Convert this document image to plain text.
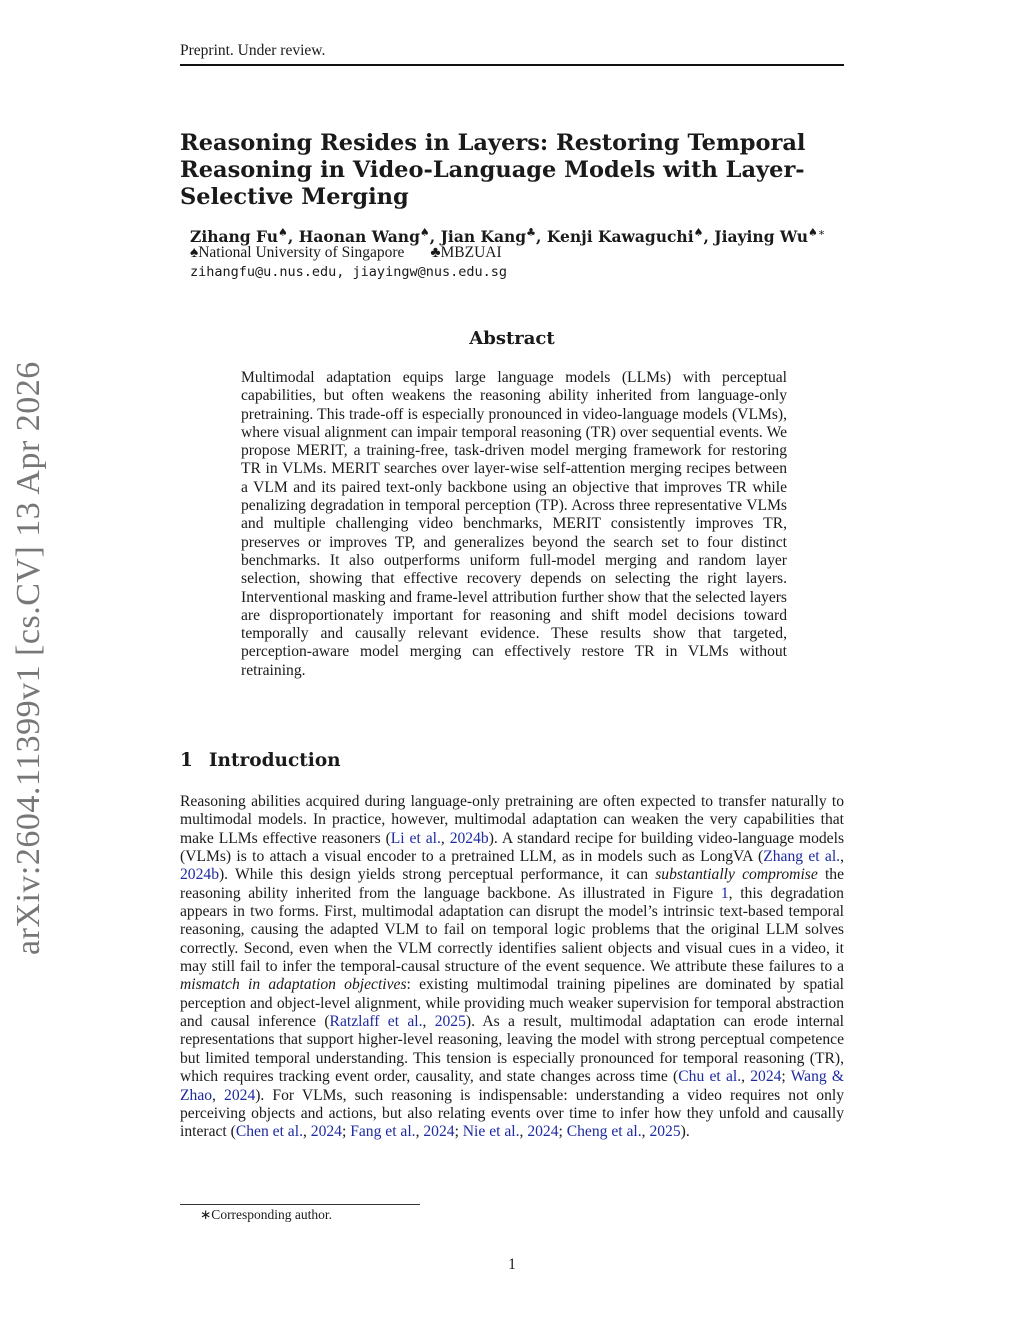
arXiv:2604.11399v1 [cs.CV] 13 Apr 2026
Preprint. Under review.
Reasoning Resides in Layers: Restoring Temporal Reasoning in Video-Language Models with Layer-Selective Merging
Zihang Fu♠, Haonan Wang♠, Jian Kang♣, Kenji Kawaguchi♠, Jiaying Wu♠∗
♠National University of Singapore ♣MBZUAI
zihangfu@u.nus.edu, jiayingw@nus.edu.sg
Abstract

Multimodal adaptation equips large language models (LLMs) with perceptual capabilities, but often weakens the reasoning ability inherited from language-only pretraining. This trade-off is especially pronounced in video-language models (VLMs), where visual alignment can impair temporal reasoning (TR) over sequential events. We propose MERIT, a training-free, task-driven model merging framework for restoring TR in VLMs. MERIT searches over layer-wise self-attention merging recipes between a VLM and its paired text-only backbone using an objective that improves TR while penalizing degradation in temporal perception (TP). Across three representative VLMs and multiple challenging video benchmarks, MERIT consistently improves TR, preserves or improves TP, and generalizes beyond the search set to four distinct benchmarks. It also outperforms uniform full-model merging and random layer selection, showing that effective recovery depends on selecting the right layers. Interventional masking and frame-level attribution further show that the selected layers are disproportionately important for reasoning and shift model decisions toward temporally and causally relevant evidence. These results show that targeted, perception-aware model merging can effectively restore TR in VLMs without retraining.

1 Introduction

Reasoning abilities acquired during language-only pretraining are often expected to transfer naturally to multimodal models. In practice, however, multimodal adaptation can weaken the very capabilities that make LLMs effective reasoners (Li et al., 2024b). A standard recipe for building video-language models (VLMs) is to attach a visual encoder to a pretrained LLM, as in models such as LongVA (Zhang et al., 2024b). While this design yields strong perceptual performance, it can substantially compromise the reasoning ability inherited from the language backbone. As illustrated in Figure 1, this degradation appears in two forms. First, multimodal adaptation can disrupt the model’s intrinsic text-based temporal reasoning, causing the adapted VLM to fail on temporal logic problems that the original LLM solves correctly. Second, even when the VLM correctly identifies salient objects and visual cues in a video, it may still fail to infer the temporal-causal structure of the event sequence. We attribute these failures to a mismatch in adaptation objectives: existing multimodal training pipelines are dominated by spatial perception and object-level alignment, while providing much weaker supervision for temporal abstraction and causal inference (Ratzlaff et al., 2025). As a result, multimodal adaptation can erode internal representations that support higher-level reasoning, leaving the model with strong perceptual competence but limited temporal understanding. This tension is especially pronounced for temporal reasoning (TR), which requires tracking event order, causality, and state changes across time (Chu et al., 2024; Wang & Zhao, 2024). For VLMs, such reasoning is indispensable: understanding a video requires not only perceiving objects and actions, but also relating events over time to infer how they unfold and causally interact (Chen et al., 2024; Fang et al., 2024; Nie et al., 2024; Cheng et al., 2025).

∗Corresponding author.
1
